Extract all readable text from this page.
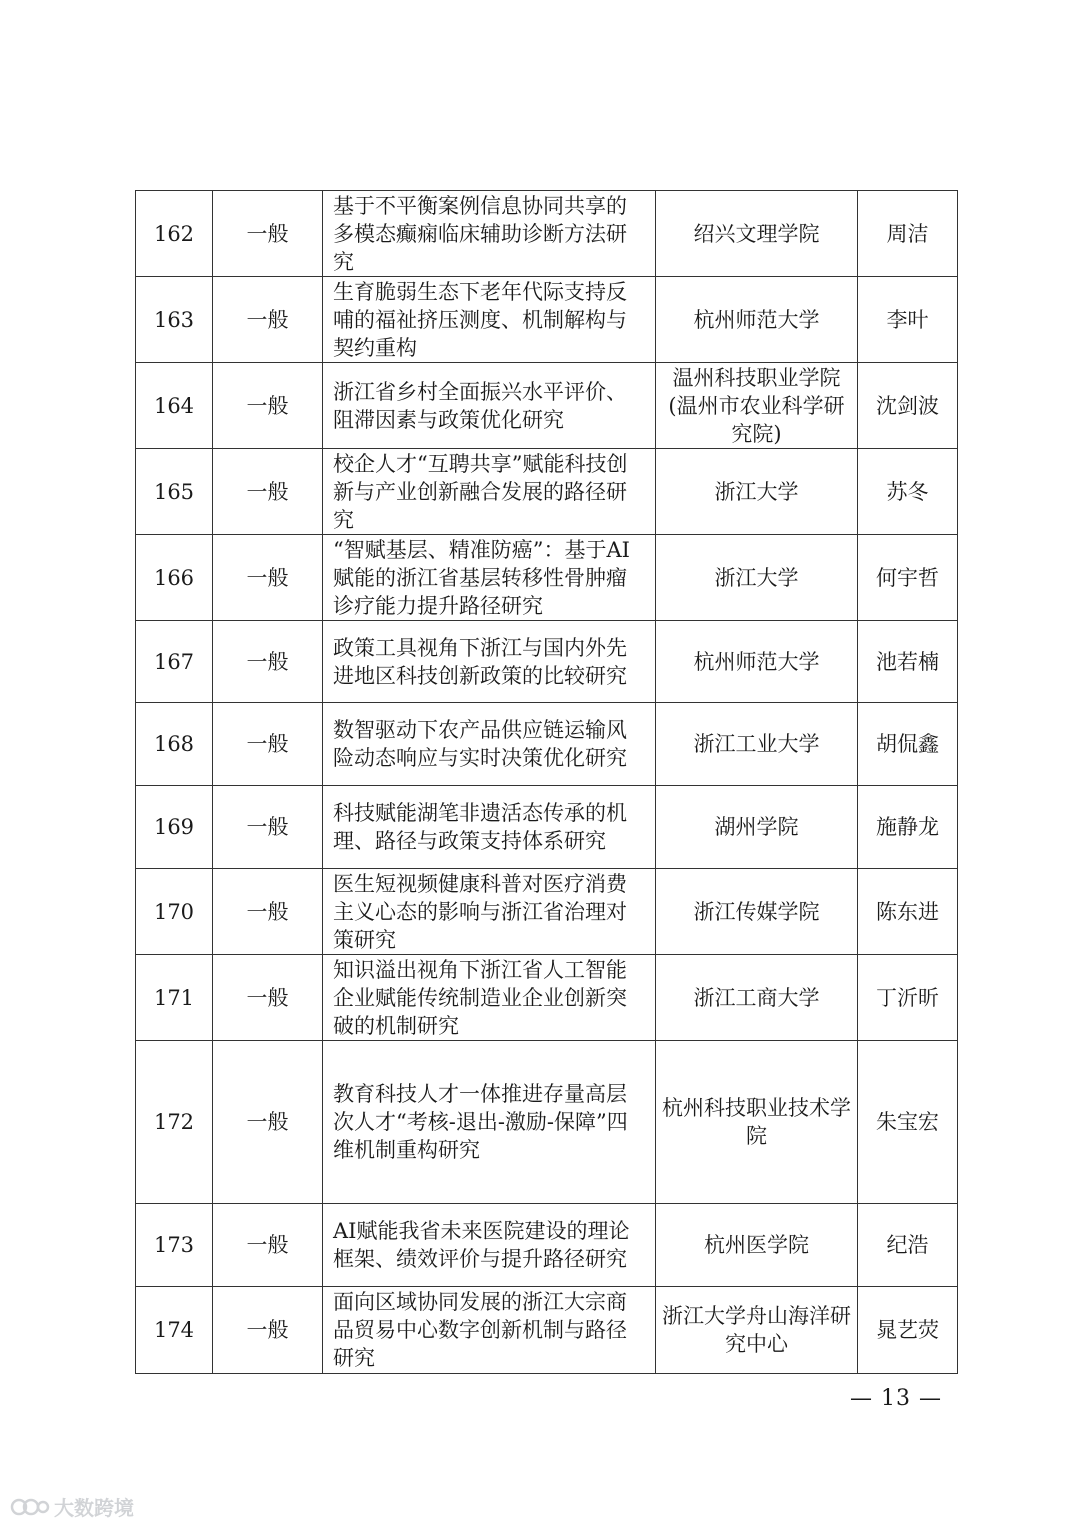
162	一般	基于不平衡案例信息协同共享的多模态癫痫临床辅助诊断方法研究	绍兴文理学院	周洁
163	一般	生育脆弱生态下老年代际支持反哺的福祉挤压测度、机制解构与契约重构	杭州师范大学	李叶
164	一般	浙江省乡村全面振兴水平评价、阻滞因素与政策优化研究	温州科技职业学院(温州市农业科学研究院)	沈剑波
165	一般	校企人才“互聘共享”赋能科技创新与产业创新融合发展的路径研究	浙江大学	苏冬
166	一般	“智赋基层、精准防癌”：基于AI赋能的浙江省基层转移性骨肿瘤诊疗能力提升路径研究	浙江大学	何宇哲
167	一般	政策工具视角下浙江与国内外先进地区科技创新政策的比较研究	杭州师范大学	池若楠
168	一般	数智驱动下农产品供应链运输风险动态响应与实时决策优化研究	浙江工业大学	胡侃鑫
169	一般	科技赋能湖笔非遗活态传承的机理、路径与政策支持体系研究	湖州学院	施静龙
170	一般	医生短视频健康科普对医疗消费主义心态的影响与浙江省治理对策研究	浙江传媒学院	陈东进
171	一般	知识溢出视角下浙江省人工智能企业赋能传统制造业企业创新突破的机制研究	浙江工商大学	丁沂昕
172	一般	教育科技人才一体推进存量高层次人才“考核-退出-激励-保障”四维机制重构研究	杭州科技职业技术学院	朱宝宏
173	一般	AI赋能我省未来医院建设的理论框架、绩效评价与提升路径研究	杭州医学院	纪浩
174	一般	面向区域协同发展的浙江大宗商品贸易中心数字创新机制与路径研究	浙江大学舟山海洋研究中心	晁艺荧
— 13 —
大数跨境
